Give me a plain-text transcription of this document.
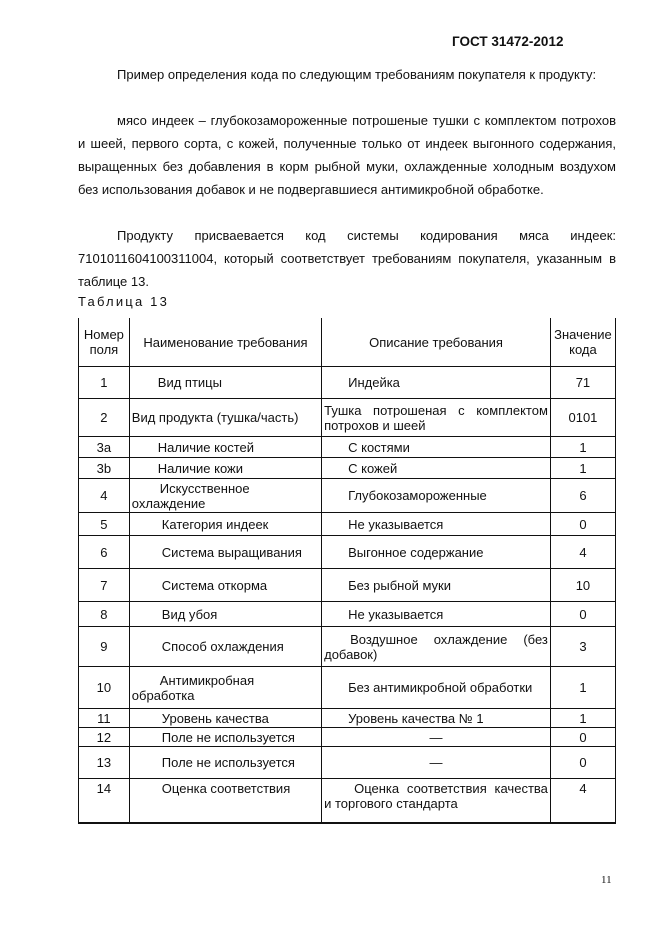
ГОСТ 31472-2012

Пример определения кода по следующим требованиям покупателя к продукту:

мясо индеек – глубокозамороженные потрошеные тушки с комплектом потрохов и шеей, первого сорта, с кожей, полученные только от индеек выгонного содержания, выращенных без добавления в корм рыбной муки, охлажденные холодным воздухом без использования добавок и не подвергавшиеся антимикробной обработке.

Продукту присваевается код системы кодирования мяса индеек: 7101011604100311004, который соответствует требованиям покупателя, указанным в таблице 13.

Таблица 13
Номер поля	Наименование требования	Описание требования	Значение кода
1	Вид птицы	Индейка	71
2	Вид продукта (тушка/часть)	Тушка потрошеная с комплектом потрохов и шеей	0101
3а	Наличие костей	С костями	1
3b	Наличие кожи	С кожей	1
4	Искусственное охлаждение	Глубокозамороженные	6
5	Категория индеек	Не указывается	0
6	Система выращивания	Выгонное содержание	4
7	Система откорма	Без рыбной муки	10
8	Вид убоя	Не указывается	0
9	Способ охлаждения	Воздушное охлаждение (без добавок)	3
10	Антимикробная обработка	Без антимикробной обработки	1
11	Уровень качества	Уровень качества № 1	1
12	Поле не используется	—	0
13	Поле не используется	—	0
14	Оценка соответствия	Оценка соответствия качества и торгового стандарта	4
11
